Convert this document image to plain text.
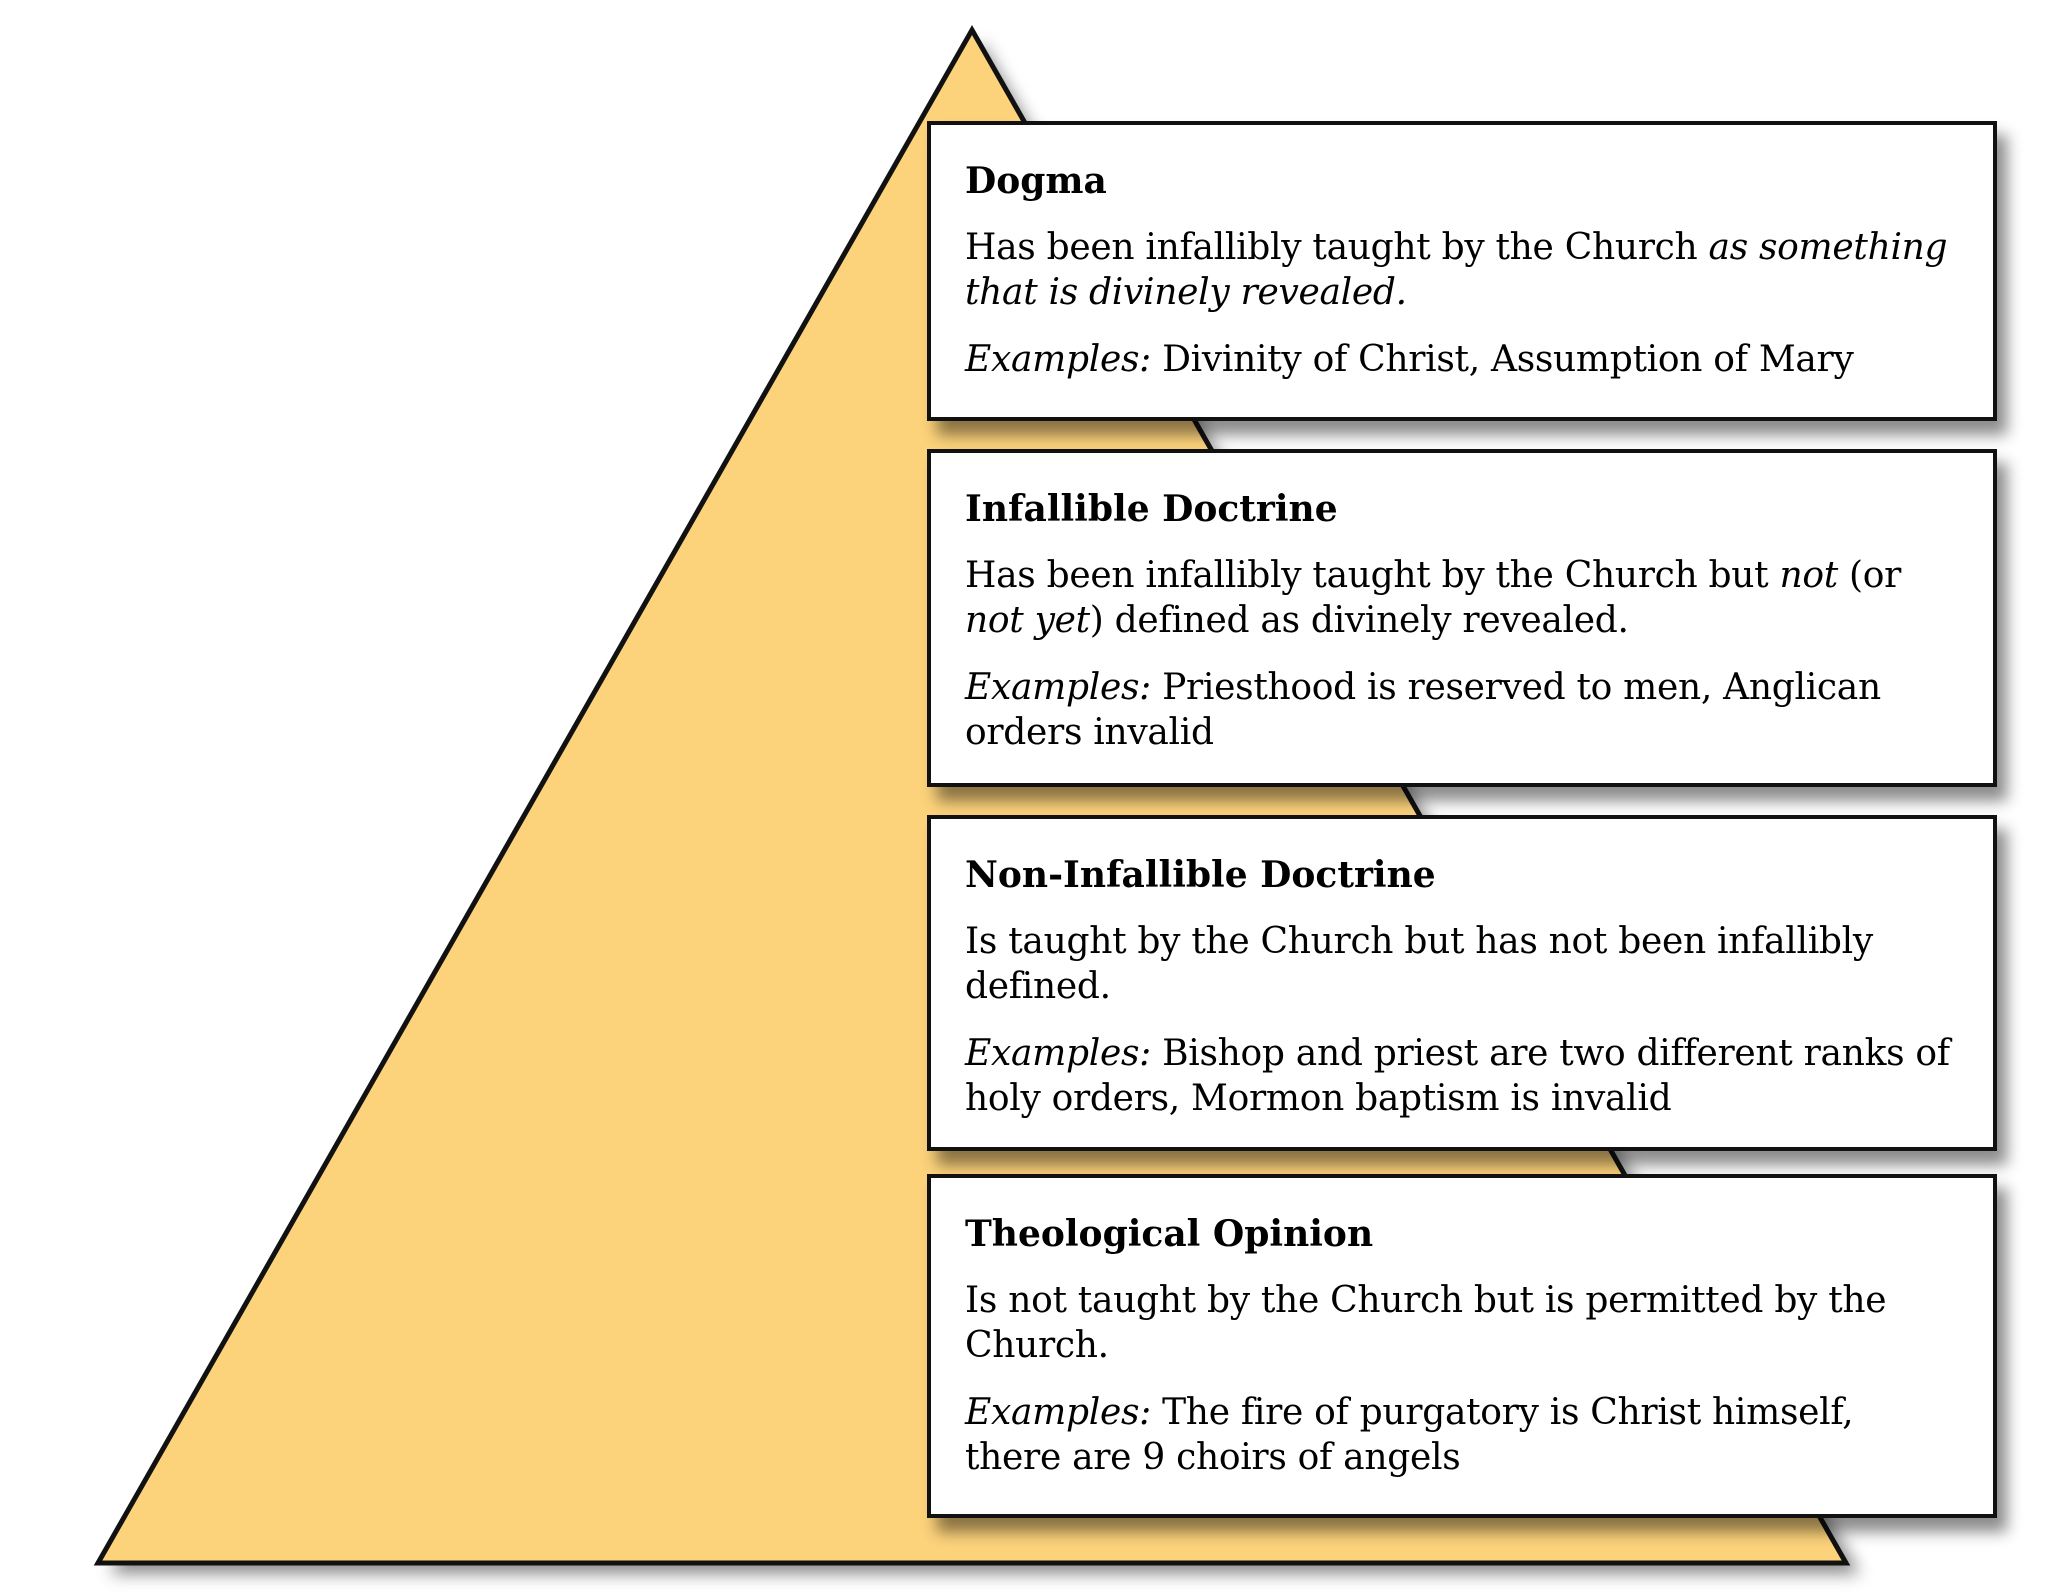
Dogma
Has been infallibly taught by the Church as something that is divinely revealed.
Examples: Divinity of Christ, Assumption of Mary
Infallible Doctrine
Has been infallibly taught by the Church but not (or not yet) defined as divinely revealed.
Examples: Priesthood is reserved to men, Anglican orders invalid
Non-Infallible Doctrine
Is taught by the Church but has not been infallibly defined.
Examples: Bishop and priest are two different ranks of holy orders, Mormon baptism is invalid
Theological Opinion
Is not taught by the Church but is permitted by the Church.
Examples: The fire of purgatory is Christ himself, there are 9 choirs of angels
